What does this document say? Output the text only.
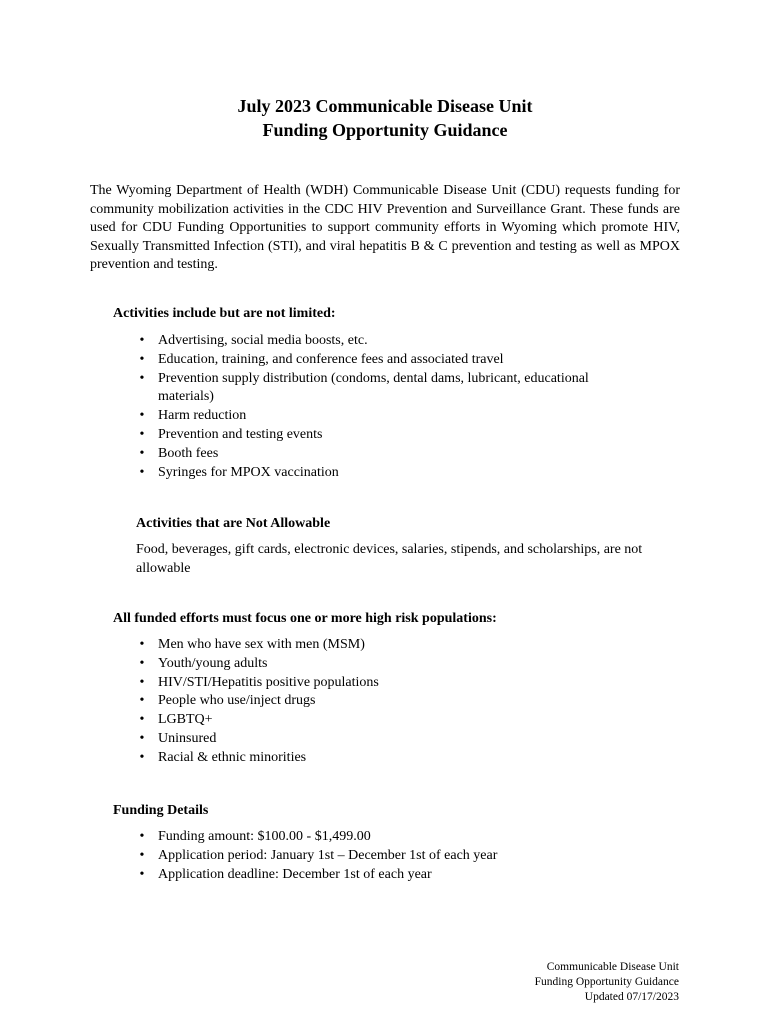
July 2023 Communicable Disease Unit
Funding Opportunity Guidance

The Wyoming Department of Health (WDH) Communicable Disease Unit (CDU) requests funding for community mobilization activities in the CDC HIV Prevention and Surveillance Grant. These funds are used for CDU Funding Opportunities to support community efforts in Wyoming which promote HIV, Sexually Transmitted Infection (STI), and viral hepatitis B & C prevention and testing as well as MPOX prevention and testing.

Activities include but are not limited:
• Advertising, social media boosts, etc.
• Education, training, and conference fees and associated travel
• Prevention supply distribution (condoms, dental dams, lubricant, educational materials)
• Harm reduction
• Prevention and testing events
• Booth fees
• Syringes for MPOX vaccination
Activities that are Not Allowable

Food, beverages, gift cards, electronic devices, salaries, stipends, and scholarships, are not allowable

All funded efforts must focus one or more high risk populations:
• Men who have sex with men (MSM)
• Youth/young adults
• HIV/STI/Hepatitis positive populations
• People who use/inject drugs
• LGBTQ+
• Uninsured
• Racial & ethnic minorities
Funding Details
• Funding amount: $100.00 - $1,499.00
• Application period: January 1st – December 1st of each year
• Application deadline: December 1st of each year
Communicable Disease Unit
Funding Opportunity Guidance
Updated 07/17/2023
